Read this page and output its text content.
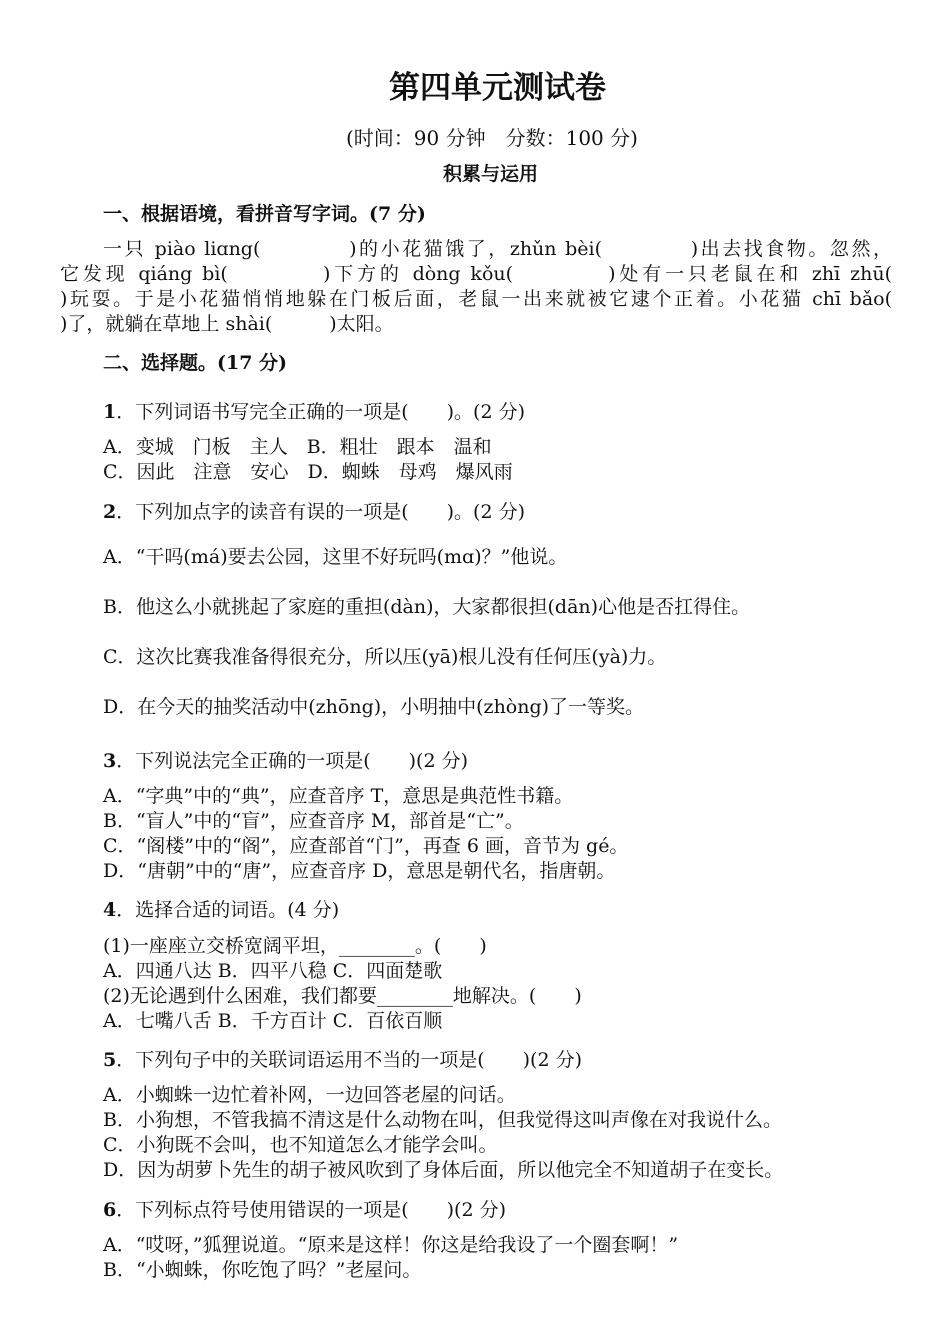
第四单元测试卷
(时间：90 分钟　分数：100 分)
积累与运用
一、根据语境，看拼音写字词。(7 分)
一只 piào liɑng(　　　　)的小花猫饿了，zhǔn bèi(　　　　)出去找食物。忽然，
它发现 qiáng bì(　　　　)下方的 dòng kǒu(　　　　)处有一只老鼠在和 zhī zhū(
)玩耍。于是小花猫悄悄地躲在门板后面，老鼠一出来就被它逮个正着。小花猫 chī bǎo(
)了，就躺在草地上 shài(　　　)太阳。
二、选择题。(17 分)
1．下列词语书写完全正确的一项是(　　)。(2 分)
A．变城　门板　主人　B．粗壮　跟本　温和
C．因此　注意　安心　D．蜘蛛　母鸡　爆风雨
2．下列加点字的读音有误的一项是(　　)。(2 分)
A．“干吗(má)要去公园，这里不好玩吗(mɑ)？”他说。
B．他这么小就挑起了家庭的重担(dàn)，大家都很担(dān)心他是否扛得住。
C．这次比赛我准备得很充分，所以压(yā)根儿没有任何压(yà)力。
D．在今天的抽奖活动中(zhōng)，小明抽中(zhòng)了一等奖。
3．下列说法完全正确的一项是(　　)(2 分)
A．“字典”中的“典”，应查音序 T，意思是典范性书籍。
B．“盲人”中的“盲”，应查音序 M，部首是“亡”。
C．“阁楼”中的“阁”，应查部首“门”，再查 6 画，音节为 gé。
D．“唐朝”中的“唐”，应查音序 D，意思是朝代名，指唐朝。
4．选择合适的词语。(4 分)
(1)一座座立交桥宽阔平坦，________。(　　)
A．四通八达 B．四平八稳 C．四面楚歌
(2)无论遇到什么困难，我们都要________地解决。(　　)
A．七嘴八舌 B．千方百计 C．百依百顺
5．下列句子中的关联词语运用不当的一项是(　　)(2 分)
A．小蜘蛛一边忙着补网，一边回答老屋的问话。
B．小狗想，不管我搞不清这是什么动物在叫，但我觉得这叫声像在对我说什么。
C．小狗既不会叫，也不知道怎么才能学会叫。
D．因为胡萝卜先生的胡子被风吹到了身体后面，所以他完全不知道胡子在变长。
6．下列标点符号使用错误的一项是(　　)(2 分)
A．“哎呀，”狐狸说道。“原来是这样！你这是给我设了一个圈套啊！”
B．“小蜘蛛，你吃饱了吗？”老屋问。
